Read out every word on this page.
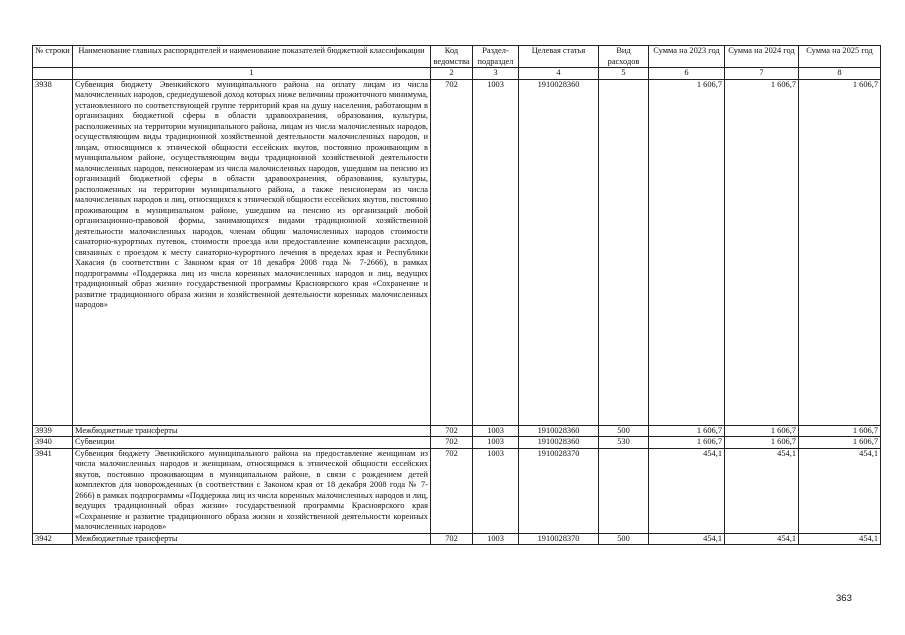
№ строки	Наименование главных распорядителей и наименование показателей бюджетной классификации	Код ведомства	Раздел-подраздел	Целевая статья	Вид расходов	Сумма на 2023 год	Сумма на 2024 год	Сумма на 2025 год
	1	2	3	4	5	6	7	8
3938	Субвенция бюджету Эвенкийского муниципального района на оплату лицам из числа малочисленных народов, среднедушевой доход которых ниже величины прожиточного минимума, установленного по соответствующей группе территорий края на душу населения, работающим в организациях бюджетной сферы в области здравоохранения, образования, культуры, расположенных на территории муниципального района, лицам из числа малочисленных народов, осуществляющим виды традиционной хозяйственной деятельности малочисленных народов, и лицам, относящимся к этнической общности ессейских якутов, постоянно проживающим в муниципальном районе, осуществляющим виды традиционной хозяйственной деятельности малочисленных народов, пенсионерам из числа малочисленных народов, ушедшим на пенсию из организаций бюджетной сферы в области здравоохранения, образования, культуры, расположенных на территории муниципального района, а также пенсионерам из числа малочисленных народов и лиц, относящихся к этнической общности ессейских якутов, постоянно проживающим в муниципальном районе, ушедшим на пенсию из организаций любой организационно-правовой формы, занимающихся видами традиционной хозяйственной деятельности малочисленных народов, членам общин малочисленных народов стоимости санаторно-курортных путевок, стоимости проезда или предоставление компенсации расходов, связанных с проездом к месту санаторно-курортного лечения в пределах края и Республики Хакасия (в соответствии с Законом края от 18 декабря 2008 года № 7-2666), в рамках подпрограммы «Поддержка лиц из числа коренных малочисленных народов и лиц, ведущих традиционный образ жизни» государственной программы Красноярского края «Сохранение и развитие традиционного образа жизни и хозяйственной деятельности коренных малочисленных народов»	702	1003	1910028360		1 606,7	1 606,7	1 606,7
3939	Межбюджетные трансферты	702	1003	1910028360	500	1 606,7	1 606,7	1 606,7
3940	Субвенции	702	1003	1910028360	530	1 606,7	1 606,7	1 606,7
3941	Субвенция бюджету Эвенкийского муниципального района на предоставление женщинам из числа малочисленных народов и женщинам, относящимся к этнической общности ессейских якутов, постоянно проживающим в муниципальном районе, в связи с рождением детей комплектов для новорожденных (в соответствии с Законом края от 18 декабря 2008 года № 7-2666) в рамках подпрограммы «Поддержка лиц из числа коренных малочисленных народов и лиц, ведущих традиционный образ жизни» государственной программы Красноярского края «Сохранение и развитие традиционного образа жизни и хозяйственной деятельности коренных малочисленных народов»	702	1003	1910028370		454,1	454,1	454,1
3942	Межбюджетные трансферты	702	1003	1910028370	500	454,1	454,1	454,1
363
